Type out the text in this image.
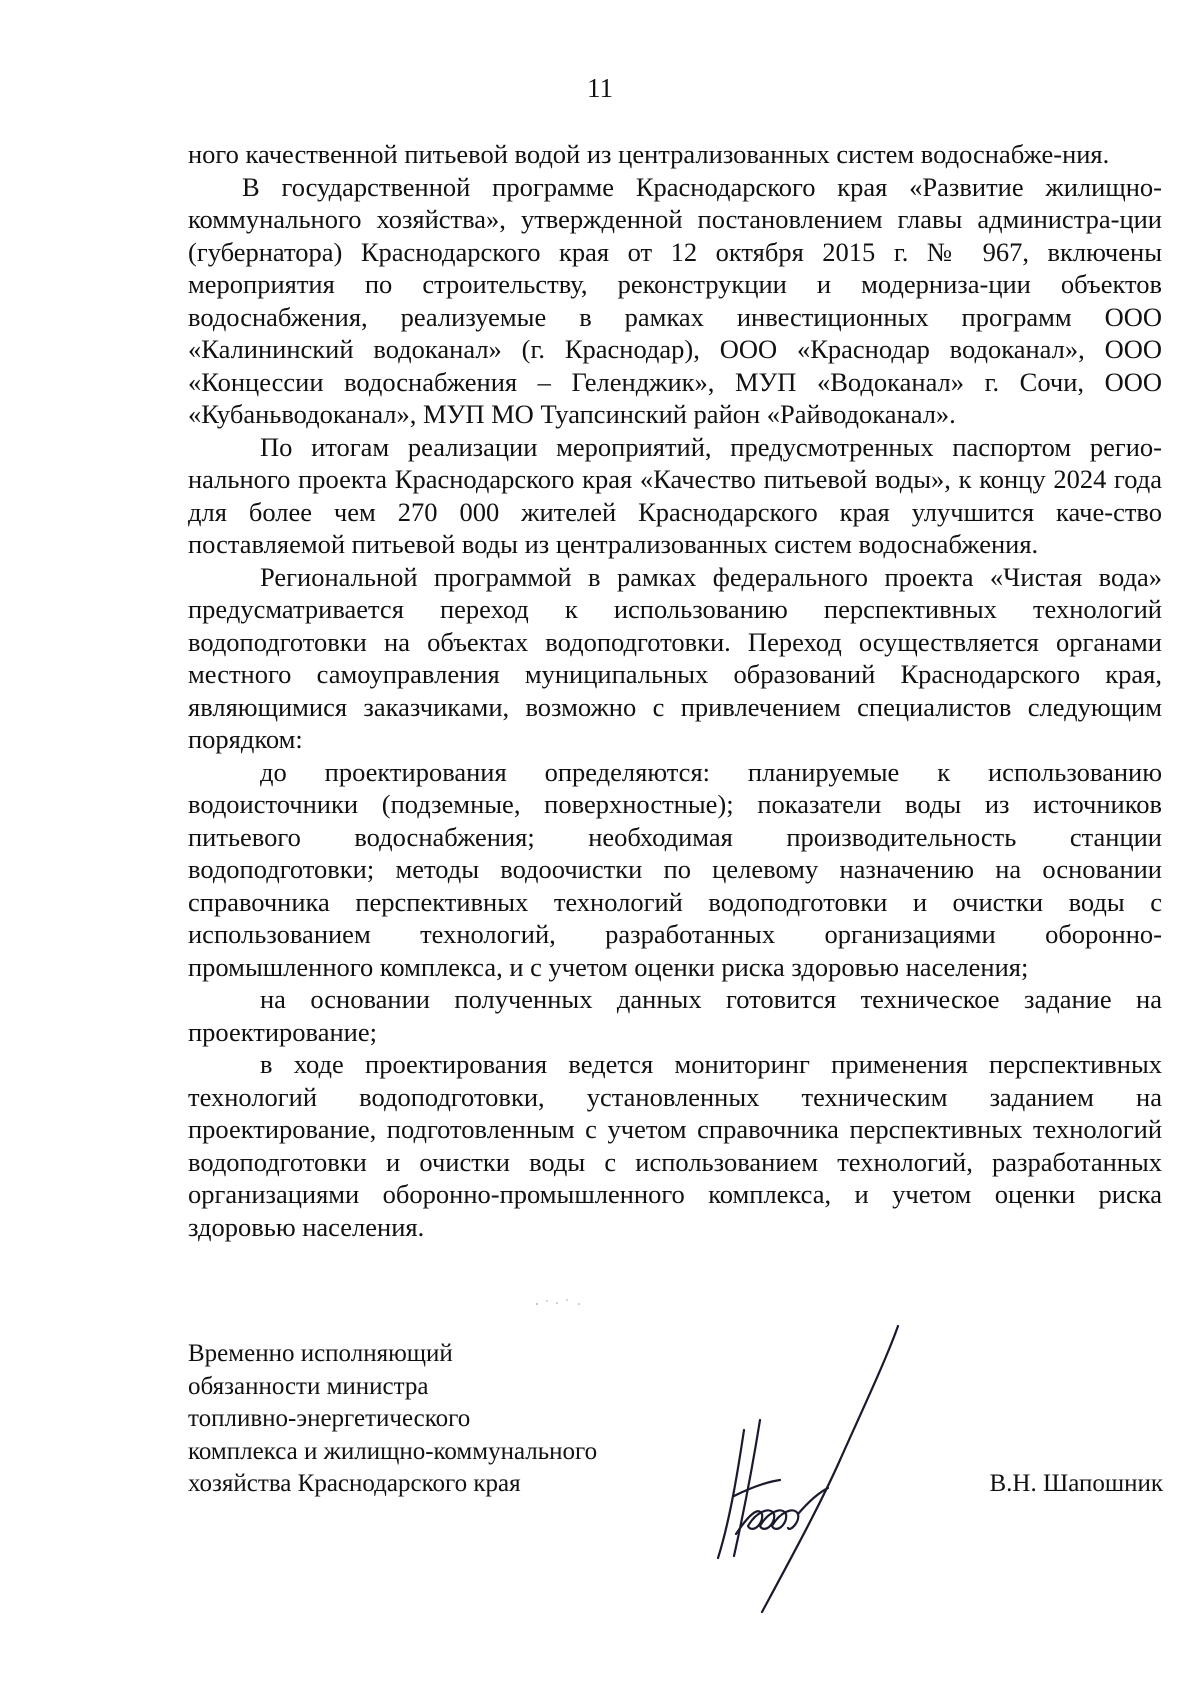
11

ного качественной питьевой водой из централизованных систем водоснабже-ния.

В государственной программе Краснодарского края «Развитие жилищно-коммунального хозяйства», утвержденной постановлением главы администра-ции (губернатора) Краснодарского края от 12 октября 2015 г. № 967, включены мероприятия по строительству, реконструкции и модерниза-ции объектов водоснабжения, реализуемые в рамках инвестиционных программ ООО «Калининский водоканал» (г. Краснодар), ООО «Краснодар водоканал», ООО «Концессии водоснабжения – Геленджик», МУП «Водоканал» г. Сочи, ООО «Кубаньводоканал», МУП МО Туапсинский район «Райводоканал».

По итогам реализации мероприятий, предусмотренных паспортом регио-нального проекта Краснодарского края «Качество питьевой воды», к концу 2024 года для более чем 270 000 жителей Краснодарского края улучшится каче-ство поставляемой питьевой воды из централизованных систем водоснабжения.

Региональной программой в рамках федерального проекта «Чистая вода» предусматривается переход к использованию перспективных технологий водоподготовки на объектах водоподготовки. Переход осуществляется органами местного самоуправления муниципальных образований Краснодарского края, являющимися заказчиками, возможно с привлечением специалистов следующим порядком:

до проектирования определяются: планируемые к использованию водоисточники (подземные, поверхностные); показатели воды из источников питьевого водоснабжения; необходимая производительность станции водоподготовки; методы водоочистки по целевому назначению на основании справочника перспективных технологий водоподготовки и очистки воды с использованием технологий, разработанных организациями оборонно-промышленного комплекса, и с учетом оценки риска здоровью населения;

на основании полученных данных готовится техническое задание на проектирование;

в ходе проектирования ведется мониторинг применения перспективных технологий водоподготовки, установленных техническим заданием на проектирование, подготовленным с учетом справочника перспективных технологий водоподготовки и очистки воды с использованием технологий, разработанных организациями оборонно-промышленного комплекса, и учетом оценки риска здоровью населения.

Временно исполняющий
обязанности министра
топливно-энергетического
комплекса и жилищно-коммунального
хозяйства Краснодарского края	В.Н. Шапошник
